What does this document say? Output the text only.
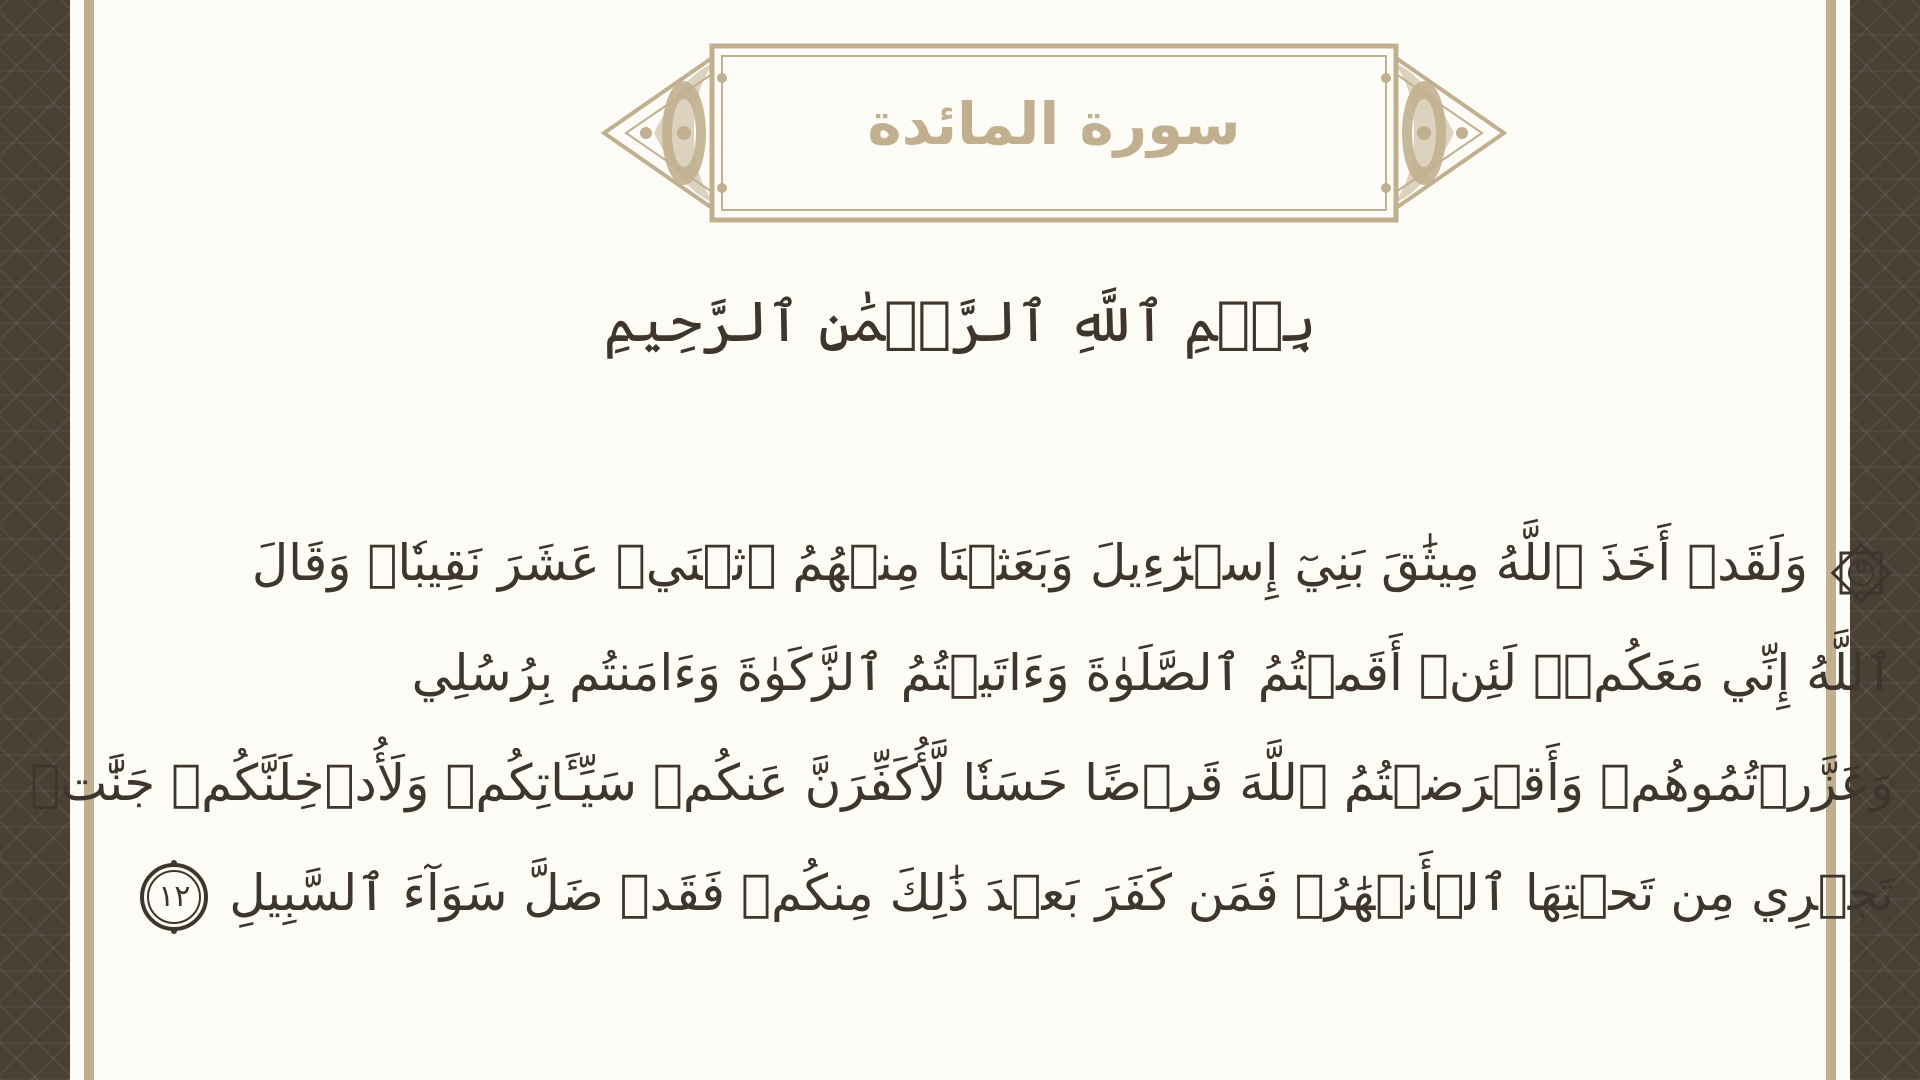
سورة المائدة
بِسۡمِ ٱللَّهِ ٱلرَّحۡمَٰنِ ٱلرَّحِيمِ
٥
وَلَقَدۡ أَخَذَ ٱللَّهُ مِيثَٰقَ بَنِيٓ إِسۡرَٰٓءِيلَ وَبَعَثۡنَا مِنۡهُمُ ٱثۡنَيۡ عَشَرَ نَقِيبٗاۖ وَقَالَ
ٱللَّهُ إِنِّي مَعَكُمۡۖ لَئِنۡ أَقَمۡتُمُ ٱلصَّلَوٰةَ وَءَاتَيۡتُمُ ٱلزَّكَوٰةَ وَءَامَنتُم بِرُسُلِي
وَعَزَّرۡتُمُوهُمۡ وَأَقۡرَضۡتُمُ ٱللَّهَ قَرۡضًا حَسَنٗا لَّأُكَفِّرَنَّ عَنكُمۡ سَيِّـَٔاتِكُمۡ وَلَأُدۡخِلَنَّكُمۡ جَنَّٰتٖ
تَجۡرِي مِن تَحۡتِهَا ٱلۡأَنۡهَٰرُۚ فَمَن كَفَرَ بَعۡدَ ذَٰلِكَ مِنكُمۡ فَقَدۡ ضَلَّ سَوَآءَ ٱلسَّبِيلِ
١٢
